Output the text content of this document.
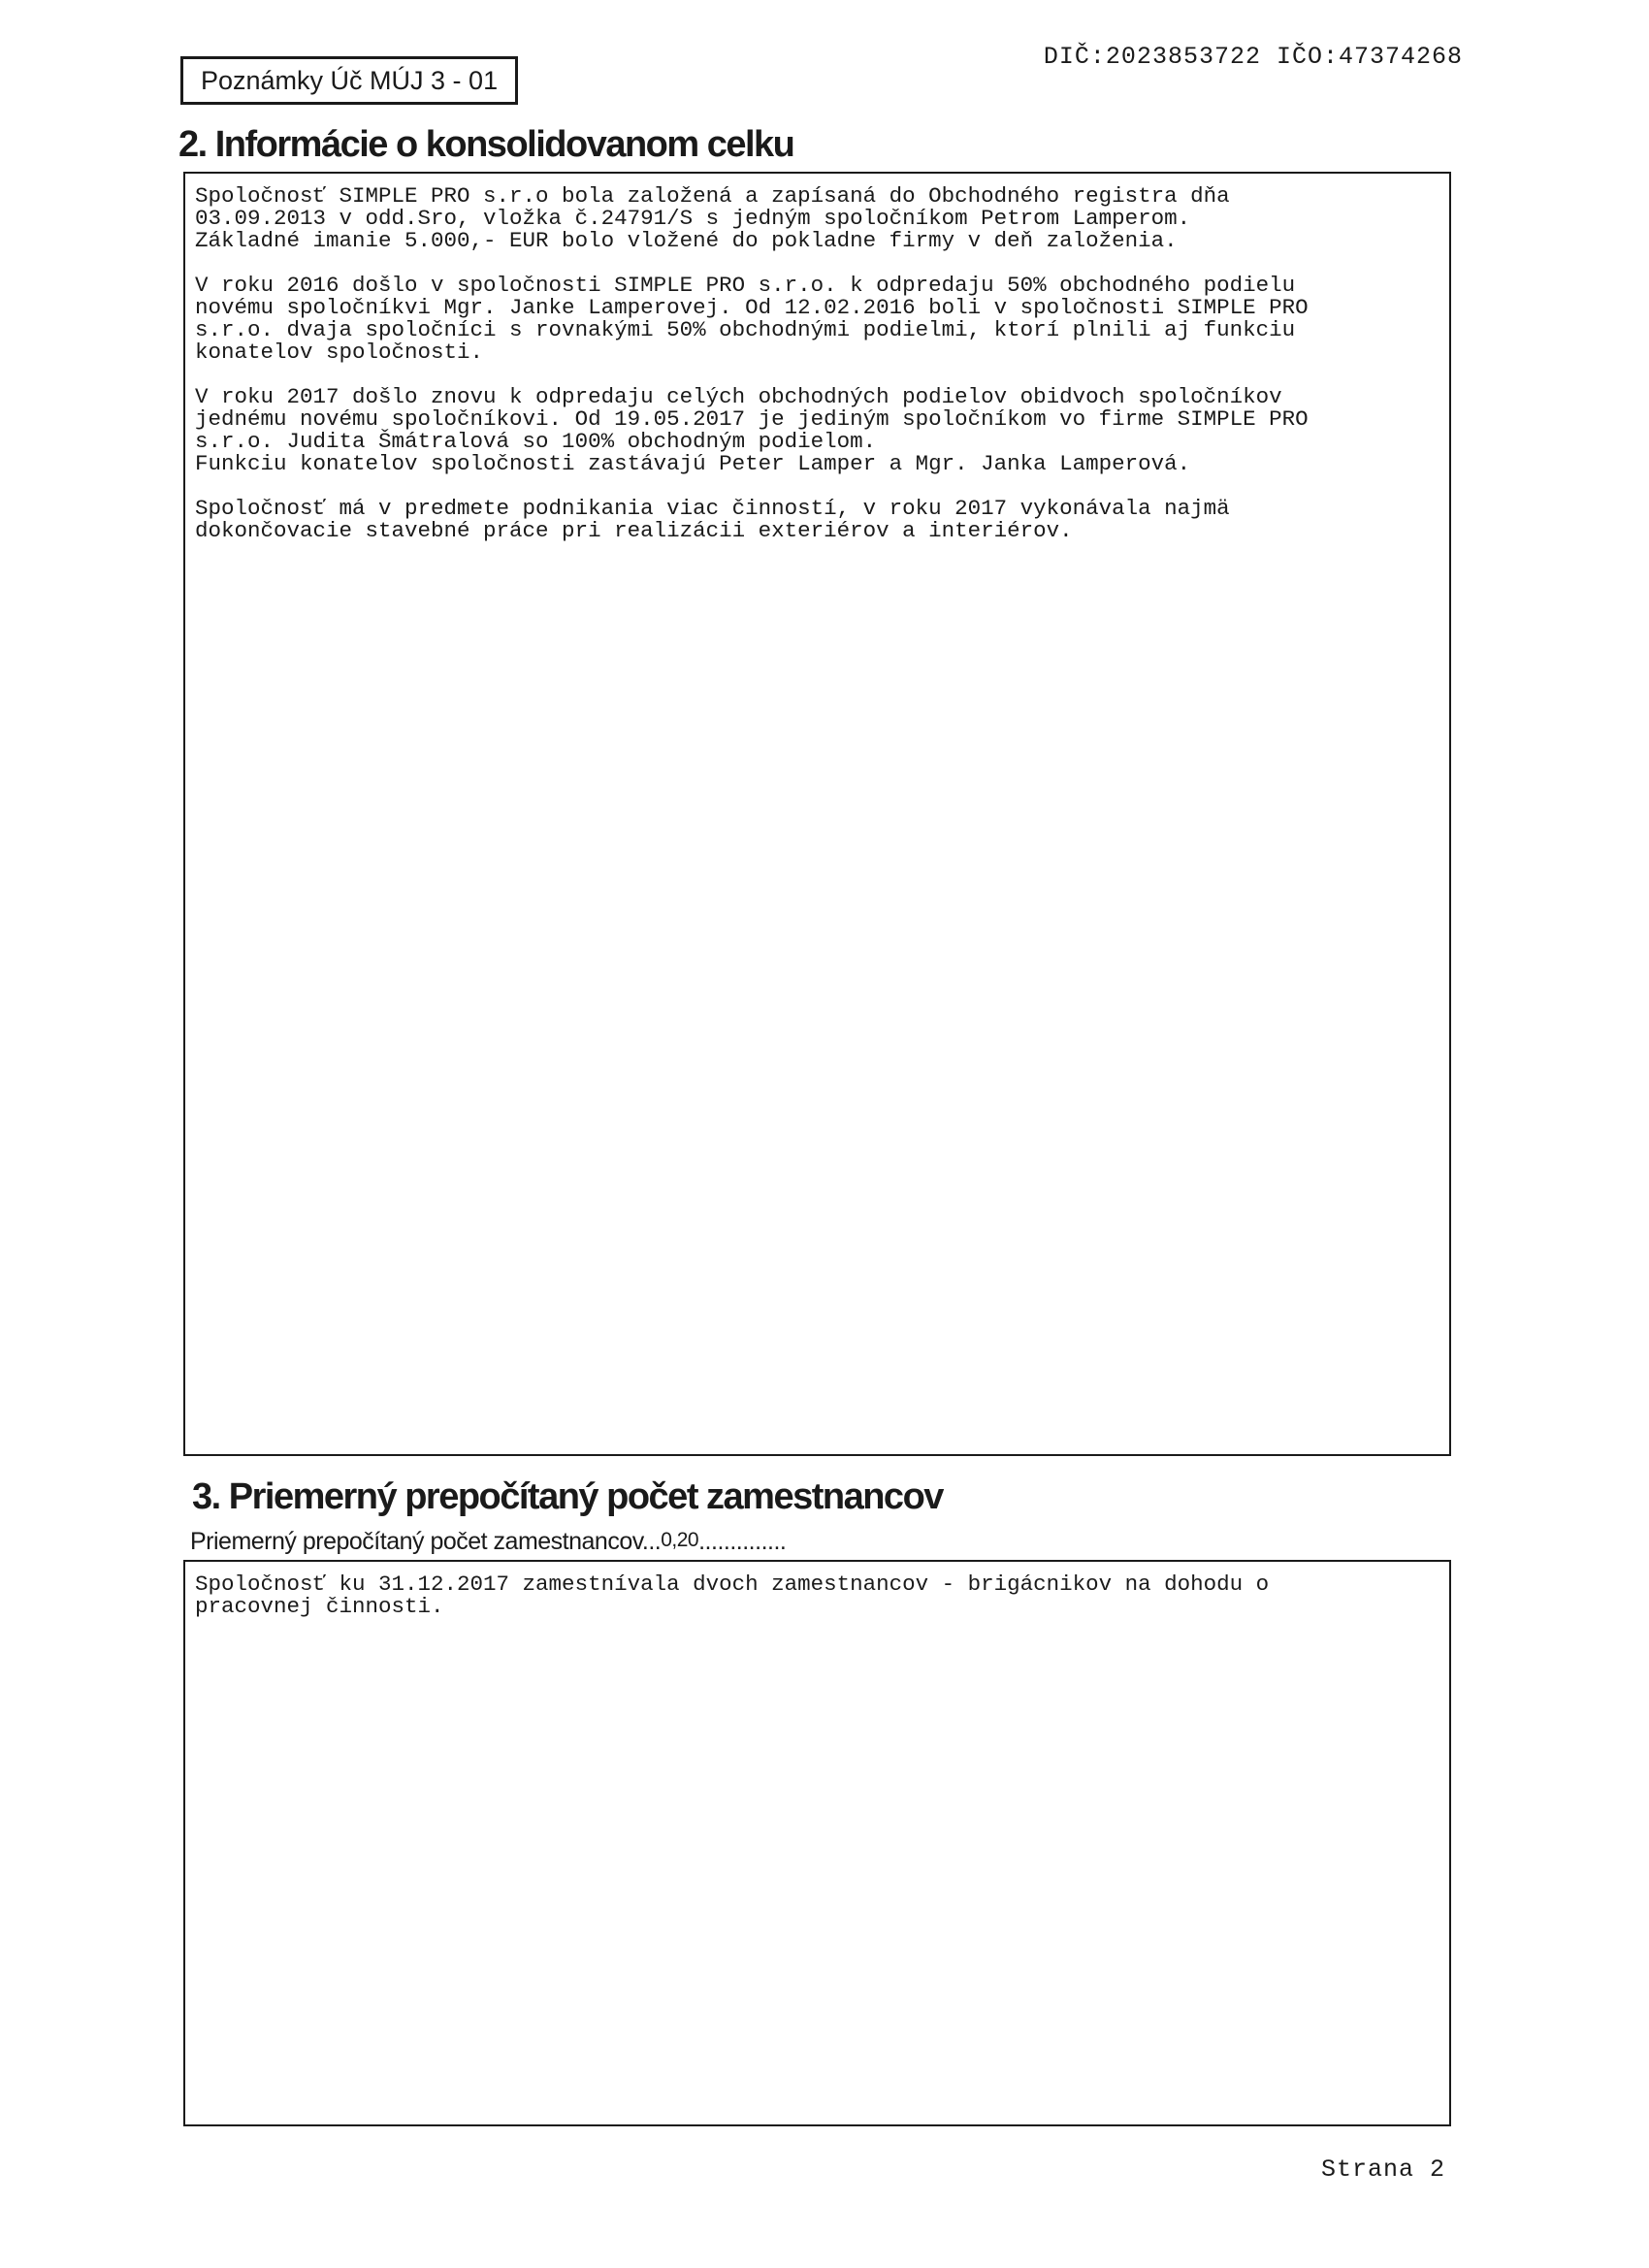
Poznámky Úč MÚJ 3 - 01
DIČ:2023853722 IČO:47374268
2. Informácie o konsolidovanom celku

Spoločnosť SIMPLE PRO s.r.o bola založená a zapísaná do Obchodného registra dňa
03.09.2013 v odd.Sro, vložka č.24791/S s jedným spoločníkom Petrom Lamperom.
Základné imanie 5.000,- EUR bolo vložené do pokladne firmy v deň založenia.

V roku 2016 došlo v spoločnosti SIMPLE PRO s.r.o. k odpredaju 50% obchodného podielu
novému spoločníkvi Mgr. Janke Lamperovej. Od 12.02.2016 boli v spoločnosti SIMPLE PRO
s.r.o. dvaja spoločníci s rovnakými 50% obchodnými podielmi, ktorí plnili aj funkciu
konatelov spoločnosti.

V roku 2017 došlo znovu k odpredaju celých obchodných podielov obidvoch spoločníkov
jednému novému spoločníkovi. Od 19.05.2017 je jediným spoločníkom vo firme SIMPLE PRO
s.r.o. Judita Šmátralová so 100% obchodným podielom.
Funkciu konatelov spoločnosti zastávajú Peter Lamper a Mgr. Janka Lamperová.

Spoločnosť má v predmete podnikania viac činností, v roku 2017 vykonávala najmä
dokončovacie stavebné práce pri realizácii exteriérov a interiérov.

3. Priemerný prepočítaný počet zamestnancov
Priemerný prepočítaný počet zamestnancov...0,20..............

Spoločnosť ku 31.12.2017 zamestnívala dvoch zamestnancov - brigácnikov na dohodu o
pracovnej činnosti.

Strana 2
